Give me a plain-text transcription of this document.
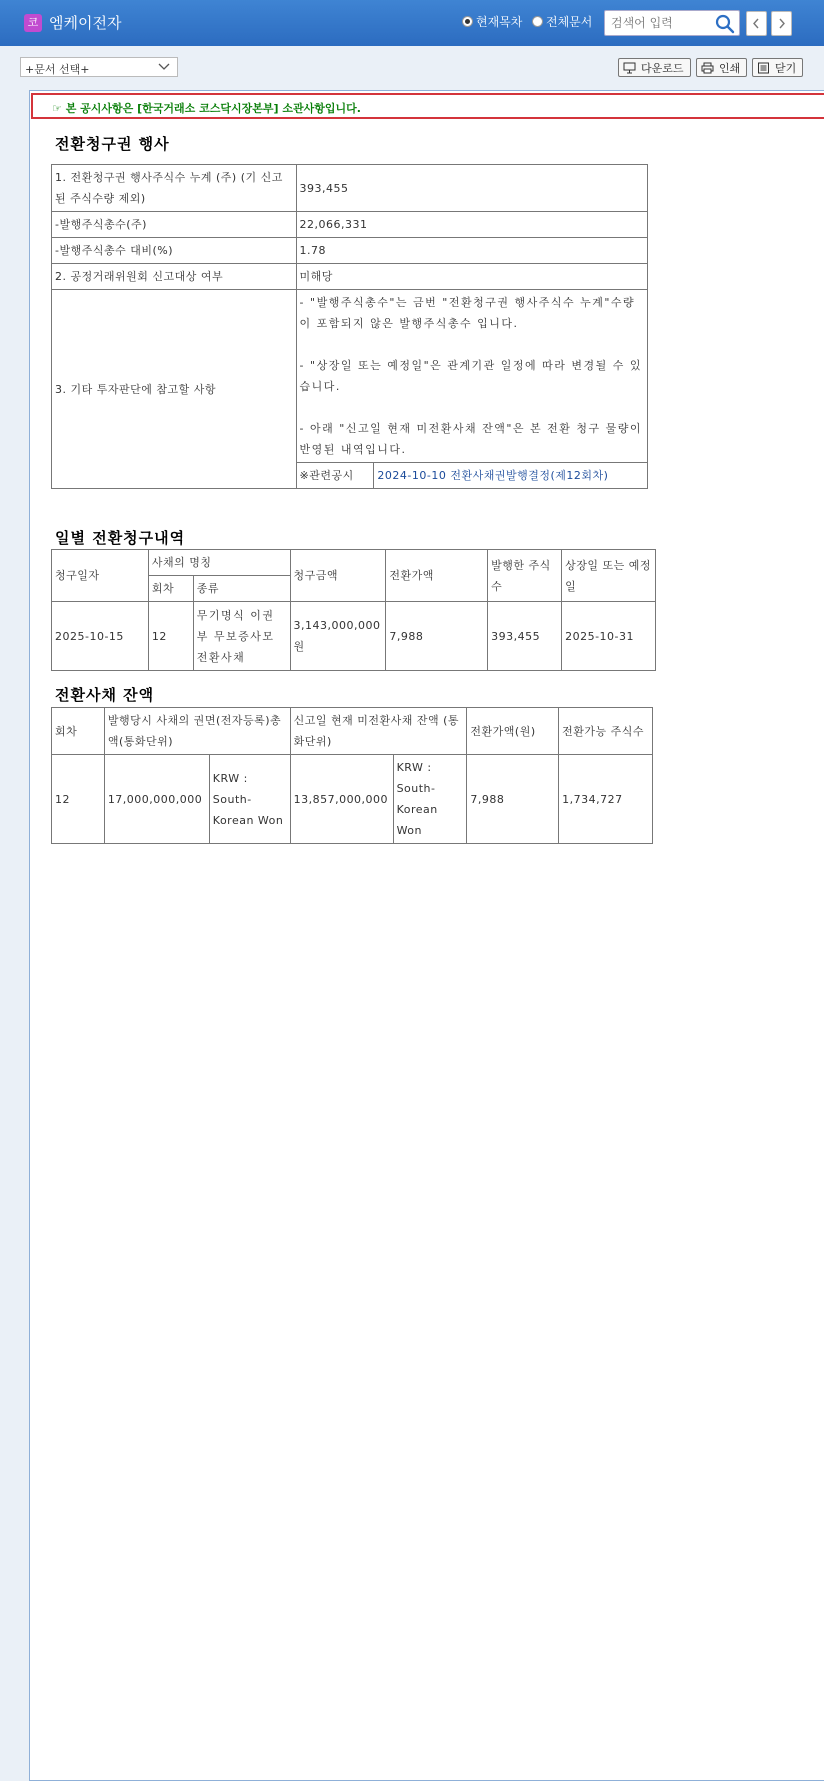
코 엠케이전자	현재목차 전체문서
검색어 입력
+문서 선택+	다운로드	인쇄	닫기
☞ 본 공시사항은 [한국거래소 코스닥시장본부] 소관사항입니다.
전환청구권 행사
1. 전환청구권 행사주식수 누계 (주) (기 신고된 주식수량 제외)	393,455	
-발행주식총수(주)	22,066,331	
-발행주식총수 대비(%)	1.78	
2. 공정거래위원회 신고대상 여부	미해당	
3. 기타 투자판단에 참고할 사항	- "발행주식총수"는 금번 "전환청구권 행사주식수 누계"수량이 포함되지 않은 발행주식총수 입니다.
- "상장일 또는 예정일"은 관계기관 일정에 따라 변경될 수 있습니다.
- 아래 "신고일 현재 미전환사채 잔액"은 본 전환 청구 물량이 반영된 내역입니다.	

	※관련공시	2024-10-10 전환사채권발행결정(제12회차)
일별 전환청구내역
청구일자	사채의 명칭		청구금액	전환가액	발행한 주식수	상장일 또는 예정일
	회차	종류				
2025-10-15	12	무기명식 이권부 무보증사모 전환사채	3,143,000,000원	7,988	393,455	2025-10-31
전환사채 잔액
회차	발행당시 사채의 권면(전자등록)총액(통화단위)		신고일 현재 미전환사채 잔액 (통화단위)		전환가액(원)	전환가능 주식수
12	17,000,000,000	KRW : South-Korean Won	13,857,000,000	KRW : South-Korean Won	7,988	1,734,727
